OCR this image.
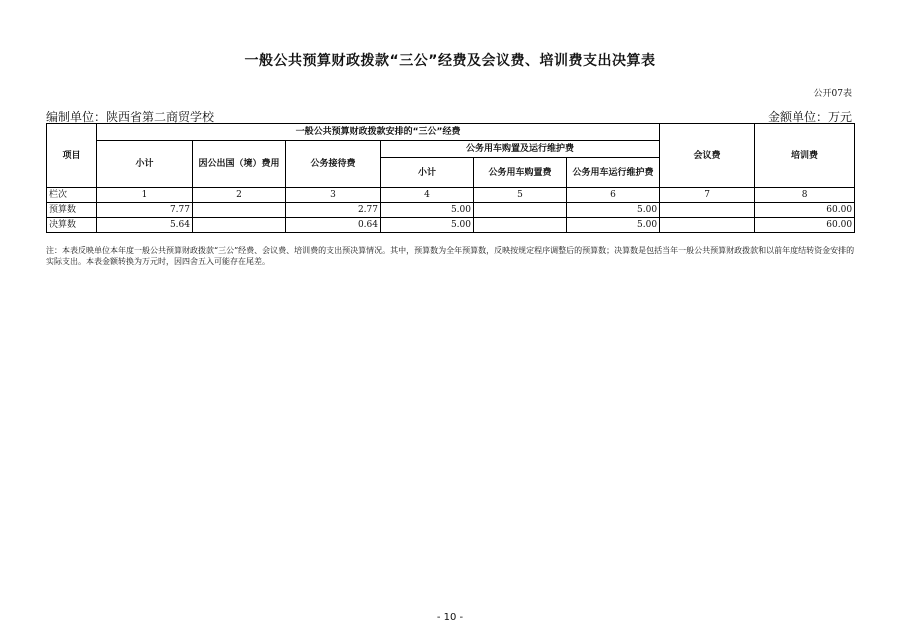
一般公共预算财政拨款“三公”经费及会议费、培训费支出决算表
公开07表
编制单位：陕西省第二商贸学校	金额单位：万元
项目	一般公共预算财政拨款安排的“三公”经费						会议费	培训费
	小计	因公出国（境）费用	公务接待费	公务用车购置及运行维护费				
				小计	公务用车购置费	公务用车运行维护费		
栏次	1	2	3	4	5	6	7	8
预算数	7.77		2.77	5.00		5.00		60.00
决算数	5.64		0.64	5.00		5.00		60.00
注：本表反映单位本年度一般公共预算财政拨款“三公”经费、会议费、培训费的支出预决算情况。其中，预算数为全年预算数，反映按规定程序调整后的预算数；决算数是包括当年一般公共预算财政拨款和以前年度结转资金安排的实际支出。本表金额转换为万元时，因四舍五入可能存在尾差。
- 10 -
